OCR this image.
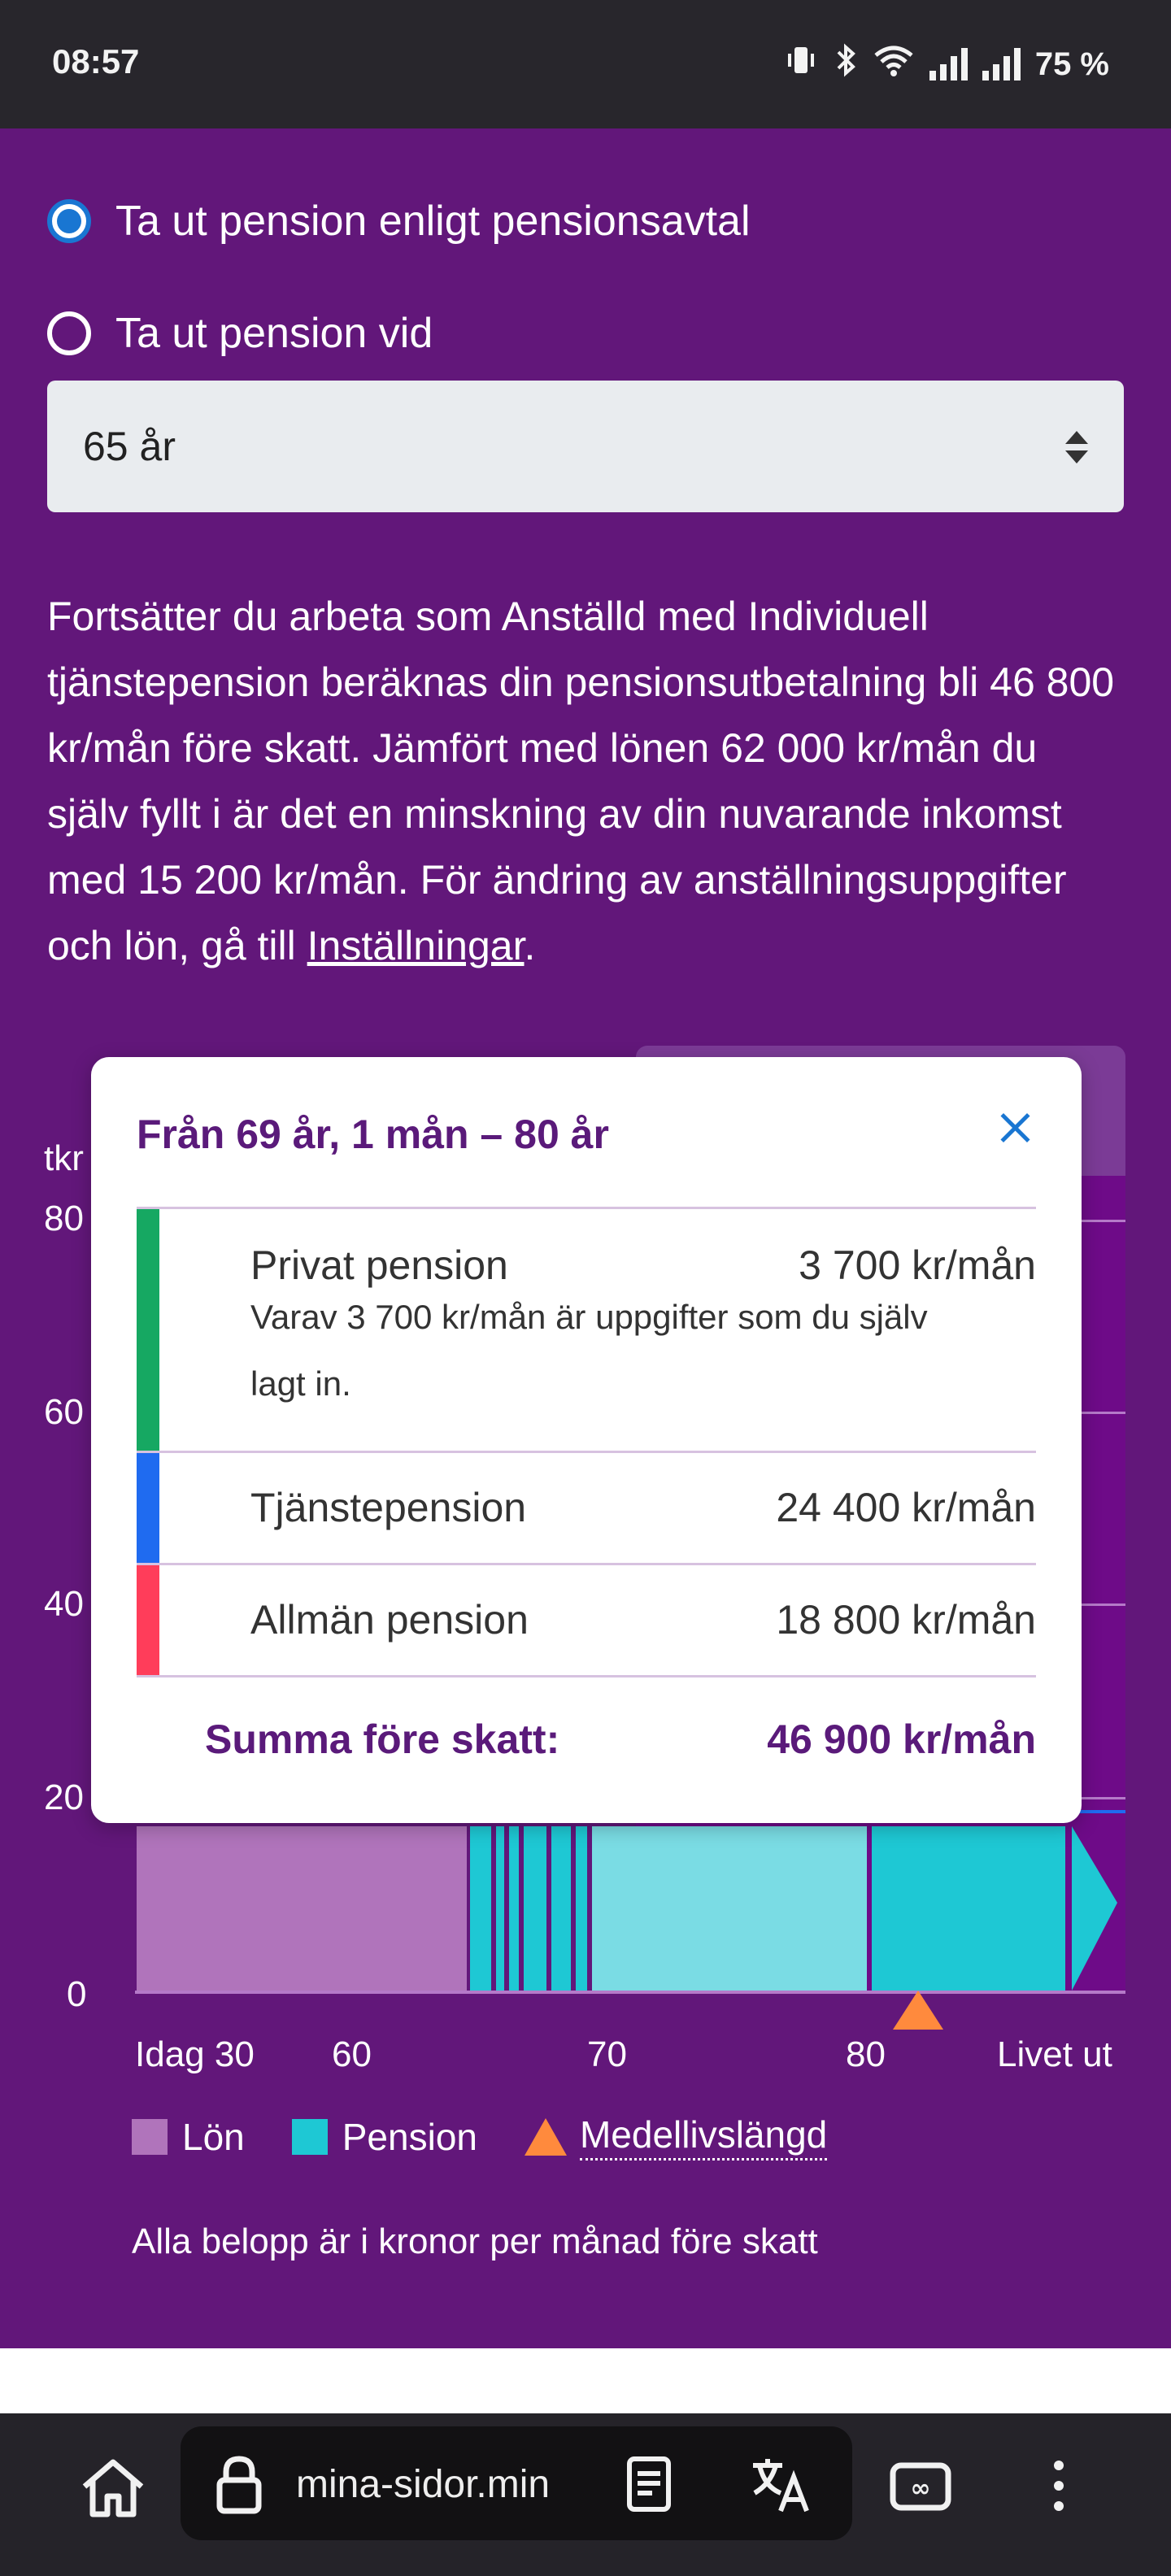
08:57	75 %
Ta ut pension enligt pensionsavtal
Ta ut pension vid
65 år
Fortsätter du arbeta som Anställd med Individuell tjänstepension beräknas din pensionsutbetalning bli 46 800 kr/mån före skatt. Jämfört med lönen 62 000 kr/mån du själv fyllt i är det en minskning av din nuvarande inkomst med 15 200 kr/mån. För ändring av anställningsuppgifter och lön, gå till Inställningar.
tkr
80
60
40
20
0
Idag 30 60	70	80	Livet ut
Lön	Pension	Medellivslängd
Alla belopp är i kronor per månad före skatt
Från 69 år, 1 mån – 80 år
Privat pension	3 700 kr/mån
Varav 3 700 kr/mån är uppgifter som du själv lagt in.
Tjänstepension	24 400 kr/mån
Allmän pension	18 800 kr/mån
Summa före skatt:	46 900 kr/mån
mina-sidor.min	∞
